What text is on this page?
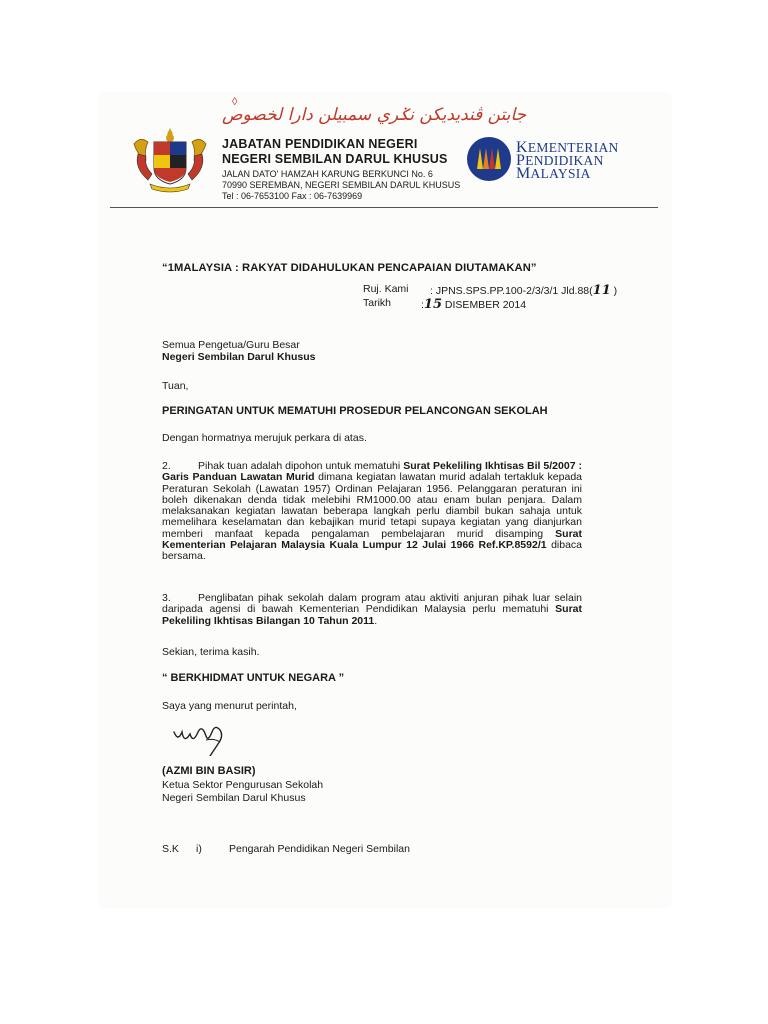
◊
جابتن ڤنديديكن نݢري سمبيلن دارا لخصوص
JABATAN PENDIDIKAN NEGERI
NEGERI SEMBILAN DARUL KHUSUS
JALAN DATO' HAMZAH KARUNG BERKUNCI No. 6
70990 SEREMBAN, NEGERI SEMBILAN DARUL KHUSUS
Tel : 06-7653100 Fax : 06-7639969
KEMENTERIAN
PENDIDIKAN
MALAYSIA
“1MALAYSIA : RAKYAT DIDAHULUKAN PENCAPAIAN DIUTAMAKAN”
Ruj. Kami : JPNS.SPS.PP.100-2/3/3/1 Jld.88(11 )
Tarikh	:15 DISEMBER 2014
Semua Pengetua/Guru Besar
Negeri Sembilan Darul Khusus
Tuan,
PERINGATAN UNTUK MEMATUHI PROSEDUR PELANCONGAN SEKOLAH
Dengan hormatnya merujuk perkara di atas.
2.	Pihak tuan adalah dipohon untuk mematuhi Surat Pekeliling Ikhtisas Bil 5/2007 : Garis Panduan Lawatan Murid dimana kegiatan lawatan murid adalah tertakluk kepada Peraturan Sekolah (Lawatan 1957) Ordinan Pelajaran 1956. Pelanggaran peraturan ini boleh dikenakan denda tidak melebihi RM1000.00 atau enam bulan penjara. Dalam melaksanakan kegiatan lawatan beberapa langkah perlu diambil bukan sahaja untuk memelihara keselamatan dan kebajikan murid tetapi supaya kegiatan yang dianjurkan memberi manfaat kepada pengalaman pembelajaran murid disamping Surat Kementerian Pelajaran Malaysia Kuala Lumpur 12 Julai 1966 Ref.KP.8592/1 dibaca bersama.
3.	Penglibatan pihak sekolah dalam program atau aktiviti anjuran pihak luar selain daripada agensi di bawah Kementerian Pendidikan Malaysia perlu mematuhi Surat Pekeliling Ikhtisas Bilangan 10 Tahun 2011.
Sekian, terima kasih.
“ BERKHIDMAT UNTUK NEGARA ”
Saya yang menurut perintah,
(AZMI BIN BASIR)
Ketua Sektor Pengurusan Sekolah
Negeri Sembilan Darul Khusus
S.K i)	Pengarah Pendidikan Negeri Sembilan
